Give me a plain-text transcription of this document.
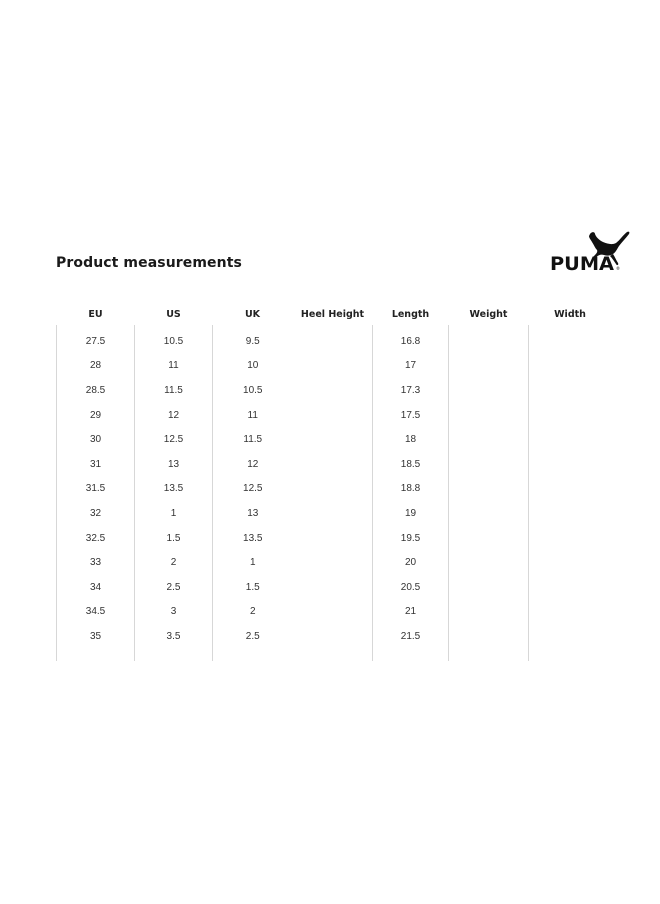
Product measurements	PUMA ®
EU	US	UK	Heel Height	Length	Weight	Width
27.5	10.5	9.5		16.8		
28	11	10		17		
28.5	11.5	10.5		17.3		
29	12	11		17.5		
30	12.5	11.5		18		
31	13	12		18.5		
31.5	13.5	12.5		18.8		
32	1	13		19		
32.5	1.5	13.5		19.5		
33	2	1		20		
34	2.5	1.5		20.5		
34.5	3	2		21		
35	3.5	2.5		21.5		
